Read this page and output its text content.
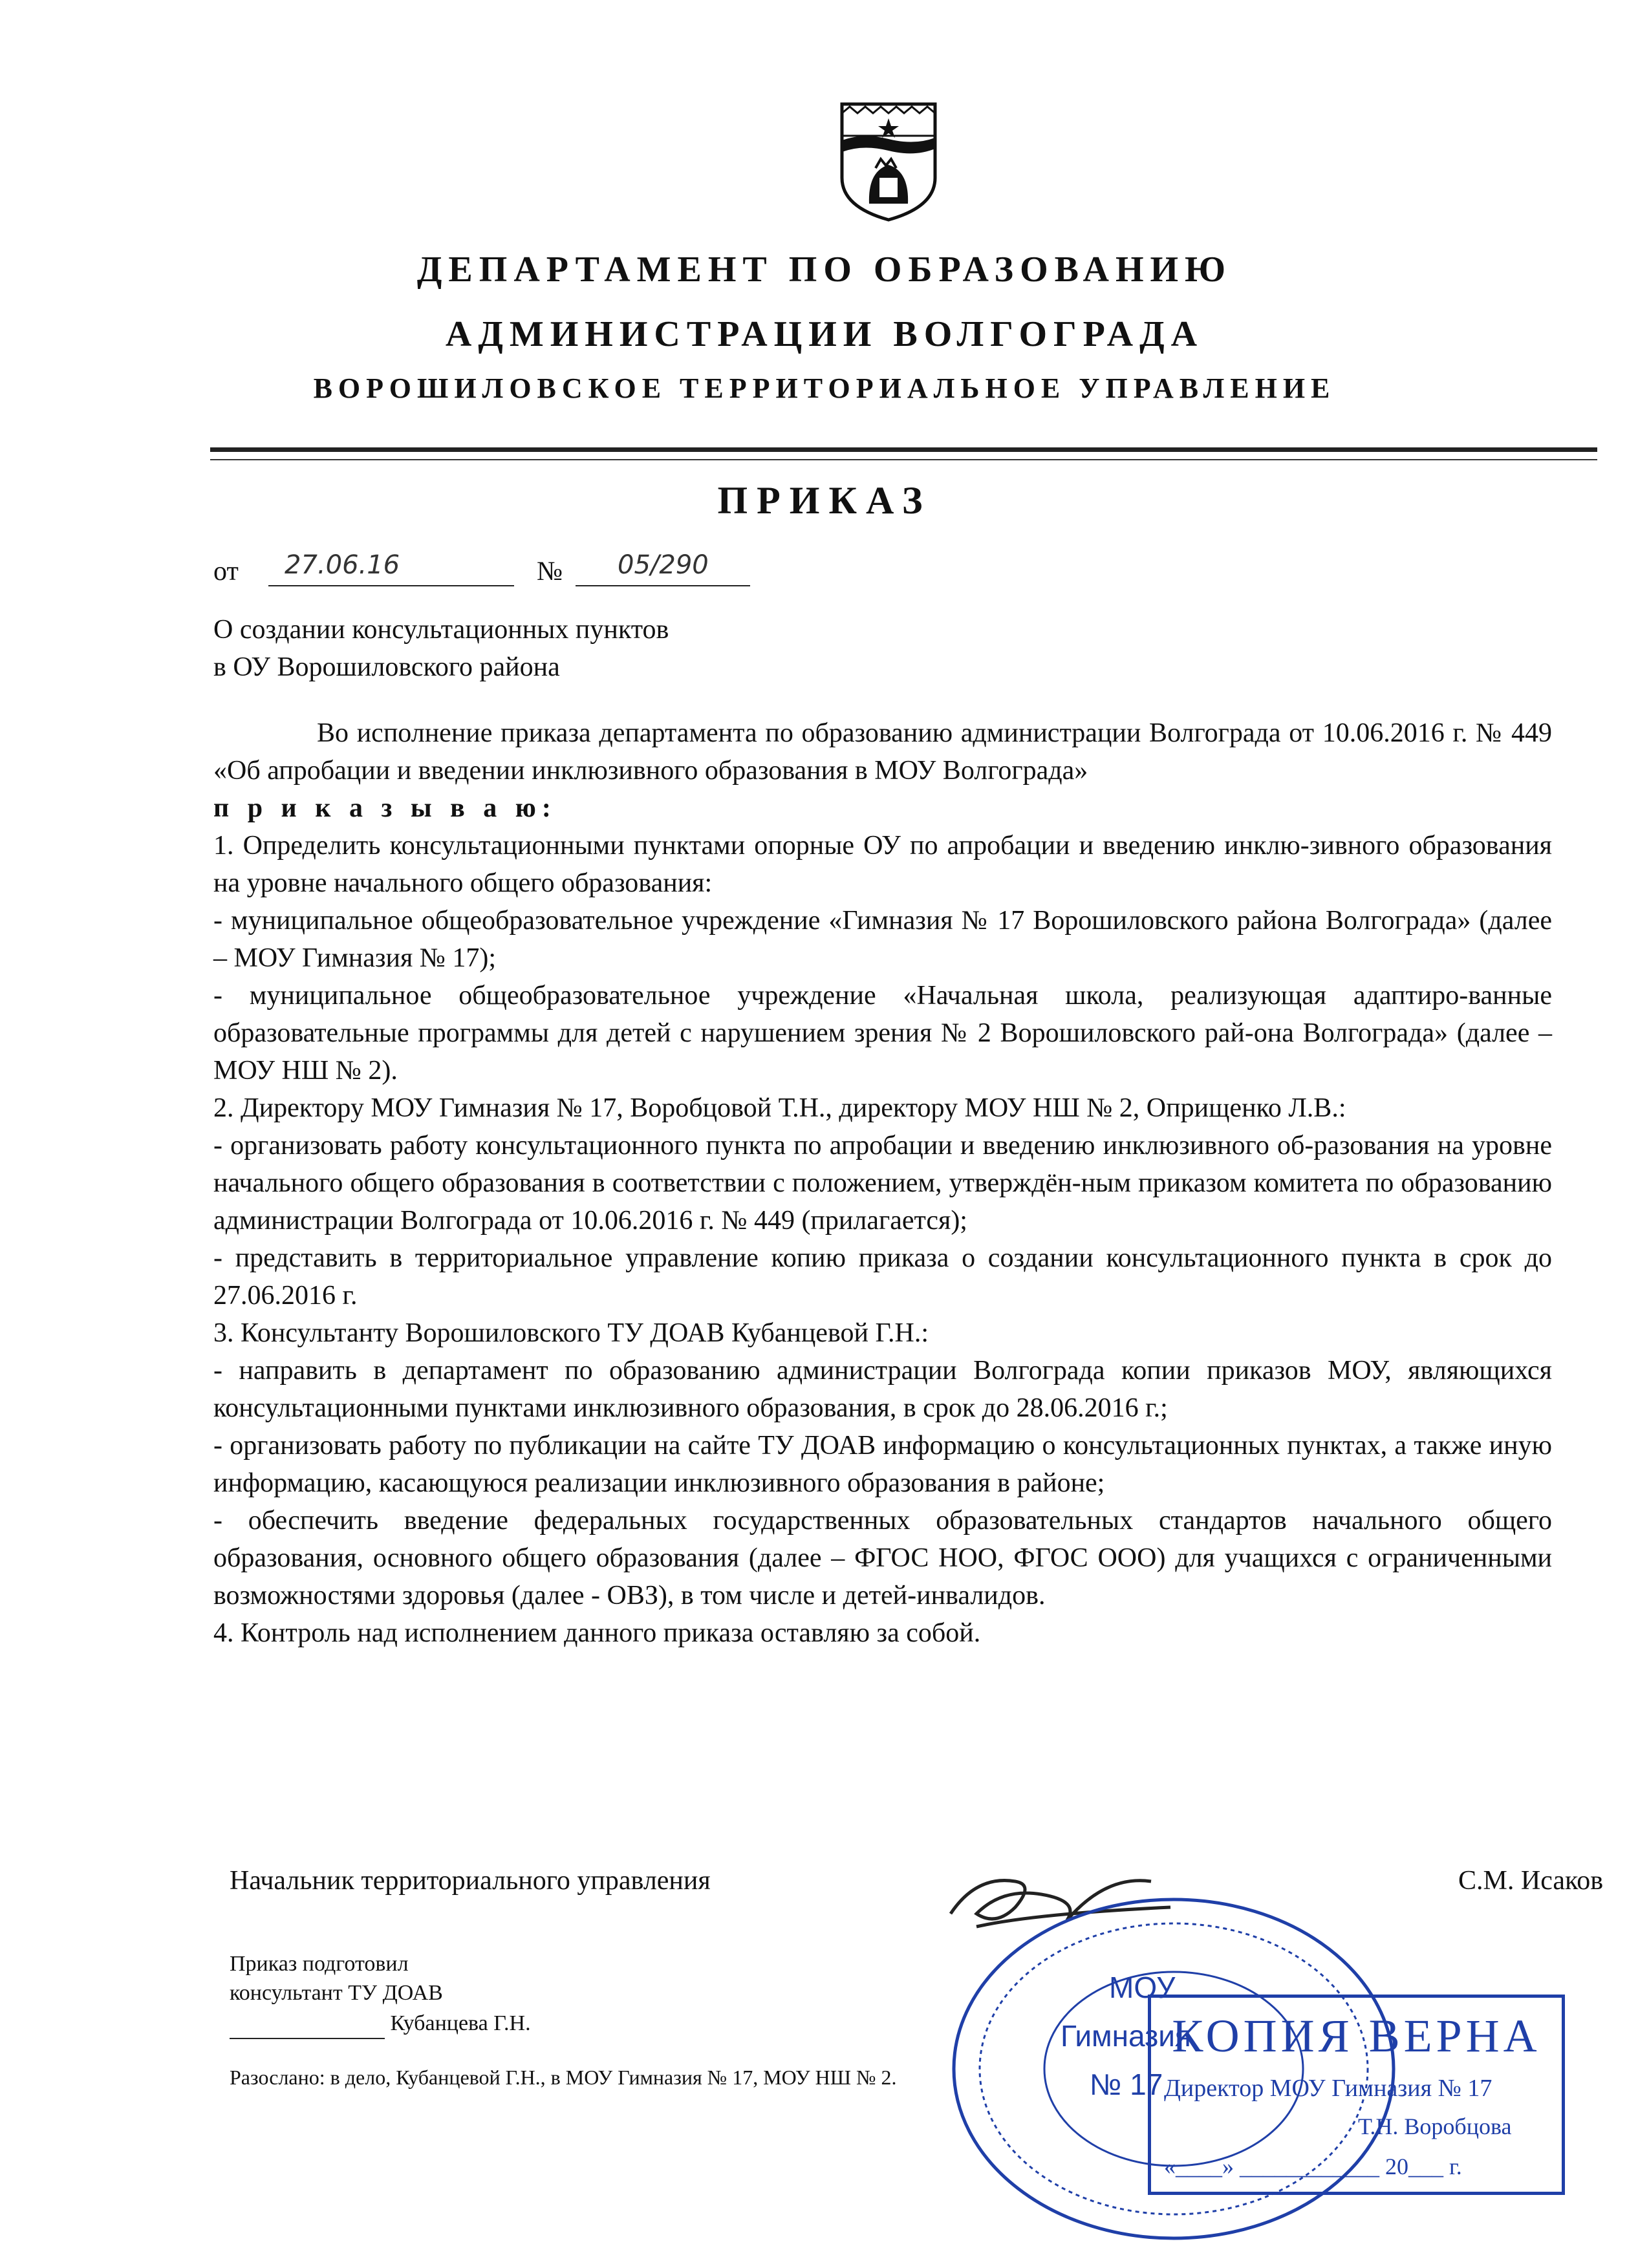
ДЕПАРТАМЕНТ ПО ОБРАЗОВАНИЮ
АДМИНИСТРАЦИИ ВОЛГОГРАДА
ВОРОШИЛОВСКОЕ ТЕРРИТОРИАЛЬНОЕ УПРАВЛЕНИЕ
ПРИКАЗ
от 27.06.16	№ 05/290
О создании консультационных пунктов
в ОУ Ворошиловского района

Во исполнение приказа департамента по образованию администрации Волгограда от 10.06.2016 г. № 449 «Об апробации и введении инклюзивного образования в МОУ Волгограда»

п р и к а з ы в а ю:

1. Определить консультационными пунктами опорные ОУ по апробации и введению инклю-зивного образования на уровне начального общего образования:

- муниципальное общеобразовательное учреждение «Гимназия № 17 Ворошиловского района Волгограда» (далее – МОУ Гимназия № 17);

- муниципальное общеобразовательное учреждение «Начальная школа, реализующая адаптиро-ванные образовательные программы для детей с нарушением зрения № 2 Ворошиловского рай-она Волгограда» (далее – МОУ НШ № 2).

2. Директору МОУ Гимназия № 17, Воробцовой Т.Н., директору МОУ НШ № 2, Оприщенко Л.В.:

- организовать работу консультационного пункта по апробации и введению инклюзивного об-разования на уровне начального общего образования в соответствии с положением, утверждён-ным приказом комитета по образованию администрации Волгограда от 10.06.2016 г. № 449 (прилагается);

- представить в территориальное управление копию приказа о создании консультационного пункта в срок до 27.06.2016 г.

3. Консультанту Ворошиловского ТУ ДОАВ Кубанцевой Г.Н.:

- направить в департамент по образованию администрации Волгограда копии приказов МОУ, являющихся консультационными пунктами инклюзивного образования, в срок до 28.06.2016 г.;

- организовать работу по публикации на сайте ТУ ДОАВ информацию о консультационных пунктах, а также иную информацию, касающуюся реализации инклюзивного образования в районе;

- обеспечить введение федеральных государственных образовательных стандартов начального общего образования, основного общего образования (далее – ФГОС НОО, ФГОС ООО) для учащихся с ограниченными возможностями здоровья (далее - ОВЗ), в том числе и детей-инвалидов.

4. Контроль над исполнением данного приказа оставляю за собой.

Начальник территориального управления	С.М. Исаков
МОУ
Гимназия
№ 17
КОПИЯ ВЕРНА
Директор МОУ Гимназия № 17
Т.Н. Воробцова
«____» ____________ 20___ г.
Приказ подготовил
консультант ТУ ДОАВ
Кубанцева Г.Н.
Разослано: в дело, Кубанцевой Г.Н., в МОУ Гимназия № 17, МОУ НШ № 2.
